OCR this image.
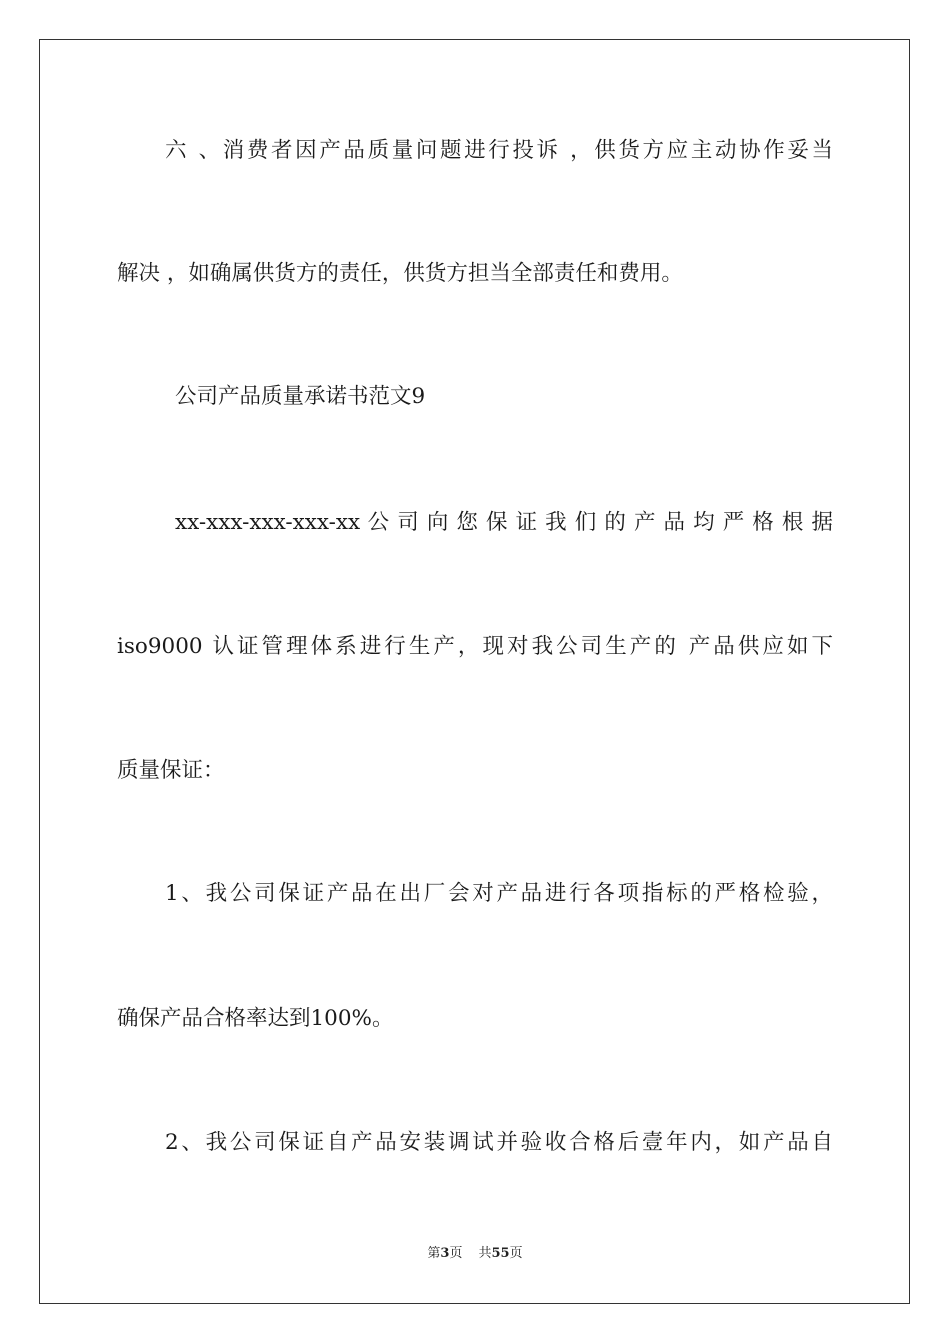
六 、消费者因产品质量问题进行投诉 ，供货方应主动协作妥当

解决 ，如确属供货方的责任，供货方担当全部责任和费用。

公司产品质量承诺书范文9

xx-xxx-xxx-xxx-xx 公 司 向 您 保 证 我 们 的 产 品 均 严 格 根 据

iso9000 认证管理体系进行生产，现对我公司生产的 产品供应如下

质量保证：

1、我公司保证产品在出厂会对产品进行各项指标的严格检验，

确保产品合格率达到100%。

2、我公司保证自产品安装调试并验收合格后壹年内，如产品自

第3页 共55页
